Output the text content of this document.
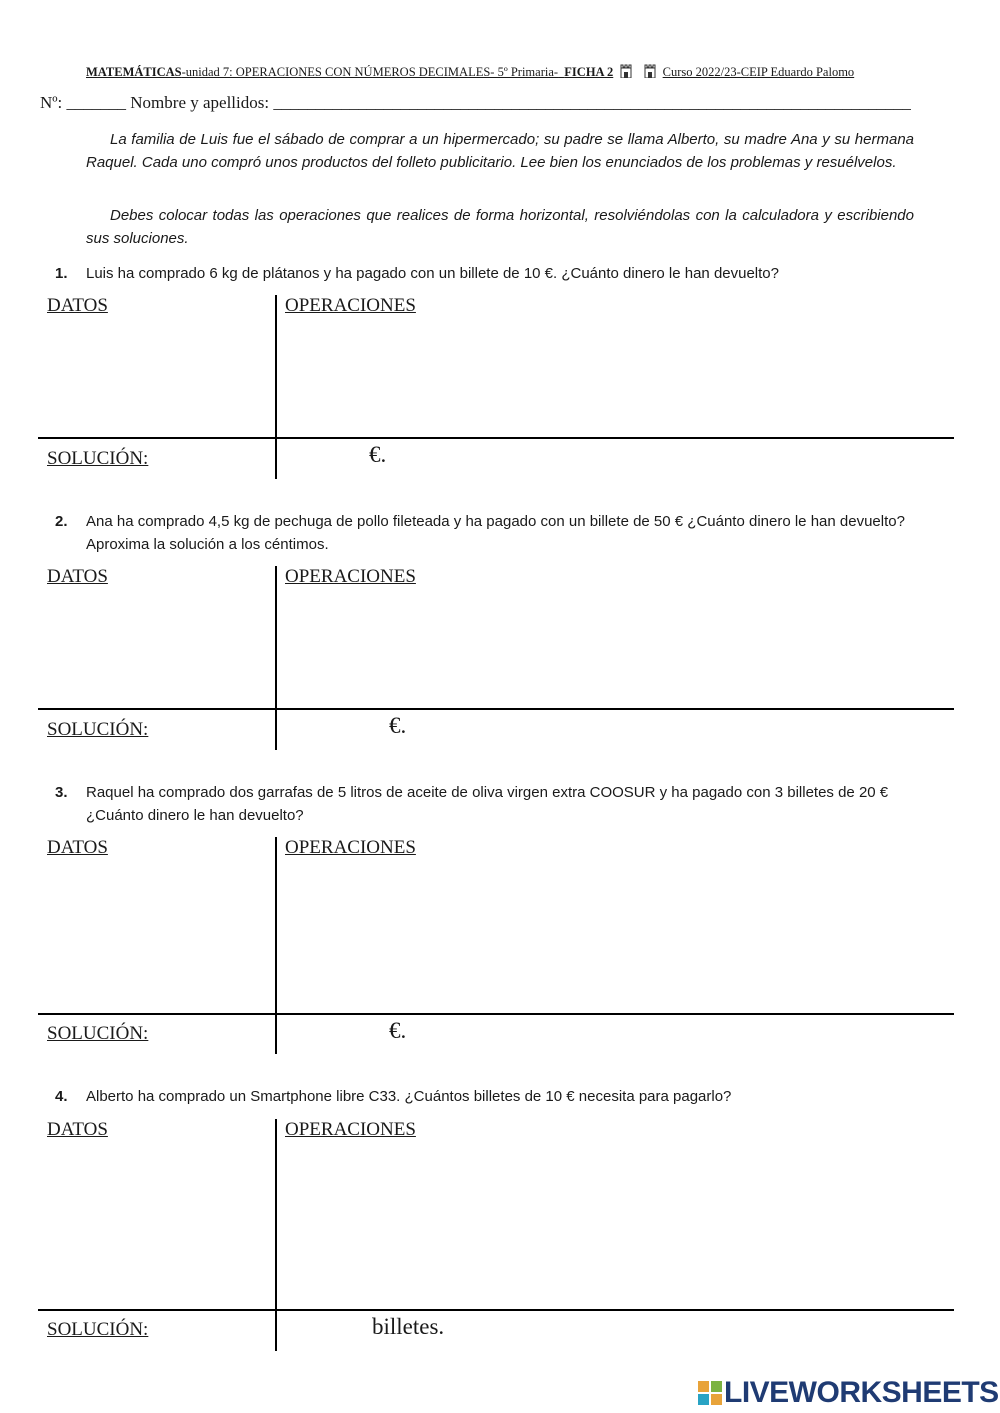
MATEMÁTICAS-unidad 7: OPERACIONES CON NÚMEROS DECIMALES- 5º Primaria- FICHA 2	Curso 2022/23-CEIP Eduardo Palomo
Nº: _______ Nombre y apellidos: ___________________________________________________________________________

La familia de Luis fue el sábado de comprar a un hipermercado; su padre se llama Alberto, su madre Ana y su hermana Raquel. Cada uno compró unos productos del folleto publicitario. Lee bien los enunciados de los problemas y resuélvelos.

Debes colocar todas las operaciones que realices de forma horizontal, resolviéndolas con la calculadora y escribiendo sus soluciones.

1. Luis ha comprado 6 kg de plátanos y ha pagado con un billete de 10 €. ¿Cuánto dinero le han devuelto?
DATOS	OPERACIONES
SOLUCIÓN:	€.
2. Ana ha comprado 4,5 kg de pechuga de pollo fileteada y ha pagado con un billete de 50 € ¿Cuánto dinero le han devuelto? Aproxima la solución a los céntimos.
DATOS	OPERACIONES
SOLUCIÓN:	€.
3. Raquel ha comprado dos garrafas de 5 litros de aceite de oliva virgen extra COOSUR y ha pagado con 3 billetes de 20 € ¿Cuánto dinero le han devuelto?
DATOS	OPERACIONES
SOLUCIÓN:	€.
4. Alberto ha comprado un Smartphone libre C33. ¿Cuántos billetes de 10 € necesita para pagarlo?
DATOS	OPERACIONES
SOLUCIÓN:	billetes.
LIVEWORKSHEETS
